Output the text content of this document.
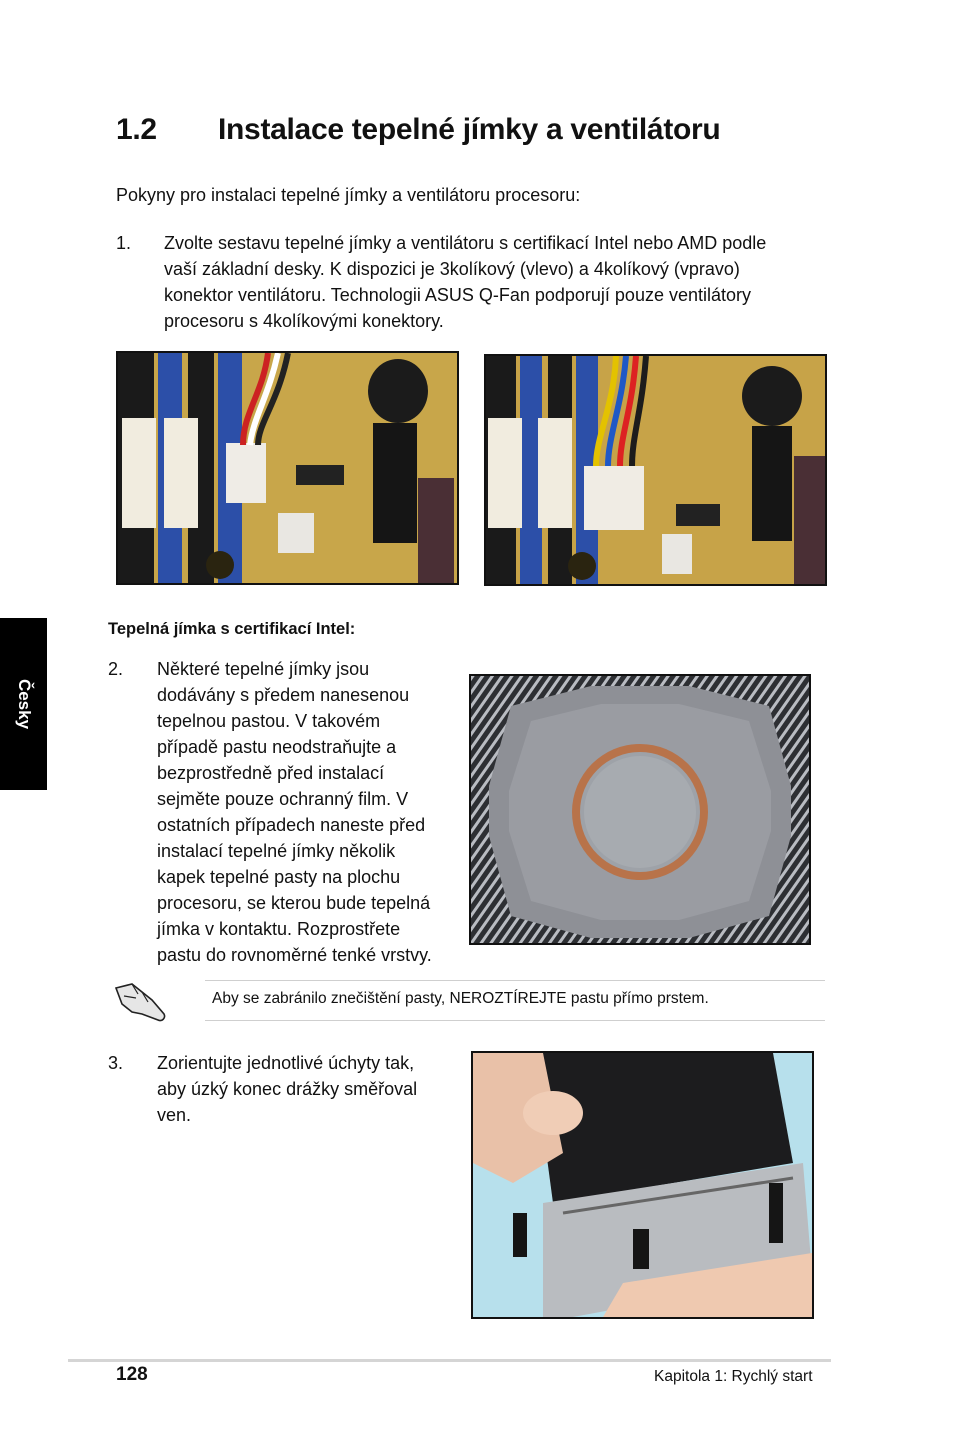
1.2 Instalace tepelné jímky a ventilátoru
Pokyny pro instalaci tepelné jímky a ventilátoru procesoru:
1. Zvolte sestavu tepelné jímky a ventilátoru s certifikací Intel nebo AMD podle
vaší základní desky. K dispozici je 3kolíkový (vlevo) a 4kolíkový (vpravo)
konektor ventilátoru. Technologii ASUS Q-Fan podporují pouze ventilátory
procesoru s 4kolíkovými konektory.
Tepelná jímka s certifikací Intel:
2. Některé tepelné jímky jsou
dodávány s předem nanesenou
tepelnou pastou. V takovém
případě pastu neodstraňujte a
bezprostředně před instalací
sejměte pouze ochranný film. V
ostatních případech naneste před
instalací tepelné jímky několik
kapek tepelné pasty na plochu
procesoru, se kterou bude tepelná
jímka v kontaktu. Rozprostřete
pastu do rovnoměrné tenké vrstvy.
Aby se zabránilo znečištění pasty, NEROZTÍREJTE pastu přímo prstem.
3. Zorientujte jednotlivé úchyty tak,
aby úzký konec drážky směřoval
ven.
Česky
128	Kapitola 1: Rychlý start
